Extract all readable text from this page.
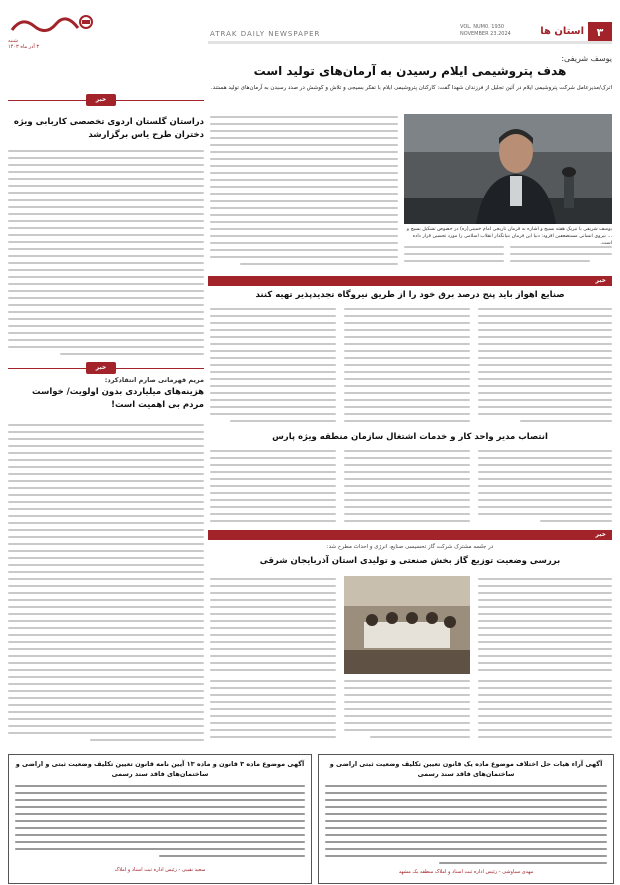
۳
استان ها
VOL. NUM0. 1930
NOVEMBER 23.2024
ATRAK DAILY NEWSPAPER
شنبه
۳ آذر ماه ۱۴۰۳
یوسف شریفی:
هدف پتروشیمی ایلام رسیدن به آرمان‌های تولید است
اترک/مدیرعامل شرکت پتروشیمی ایلام در آئین تجلیل از فرزندان شهدا گفت: کارکنان پتروشیمی ایلام با تفکر بسیجی و تلاش و کوشش در صدد رسیدن به آرمان‌های تولید هستند.
یوسف شریفی با تبریک هفته بسیج و اشاره به فرمان تاریخی امام خمینی(ره) در خصوص تشکیل بسیج و ... نیروی انسانی مستضعفین افزود: دنیا این فرمان بنیانگذار انقلاب اسلامی را مورد تحسین قرار داده است.
خبر
دراستان گلستان اردوی تخصصی کاربابی ویژه دختران طرح یاس برگزارشد
خبر
مریم قهرمانی صارم انتقادکرد:
هزینه‌های میلیاردی بدون اولویت/ خواست مردم بی اهمیت است!
خبر
صنایع اهواز باید پنج درصد برق خود را از طریق نیروگاه تجدیدپذیر تهیه کنند
انتصاب مدیر واحد کار و خدمات اشتغال سازمان منطقه ویژه پارس
خبر
در جلسه مشترک شرکت گاز تحسیسی صنایع، انرژی و احداث مطرح شد:
بررسی وضعیت توزیع گاز بخش صنعتی و تولیدی استان آذربایجان شرقی
آگهی آراء هیات حل اختلاف موضوع ماده یک قانون تعیین تکلیف وضعیت ثبتی اراضی و ساختمان‌های فاقد سند رسمی
مهدی سیاوشی - رئیس اداره ثبت اسناد و املاک منطقه یک مشهد
آگهی موضوع ماده ۳ قانون و ماده ۱۳ آیین نامه قانون تعیین تکلیف وضعیت ثبتی و اراضی و ساختمان‌های فاقد سند رسمی
سعید نقیبی - رئیس اداره ثبت اسناد و املاک
